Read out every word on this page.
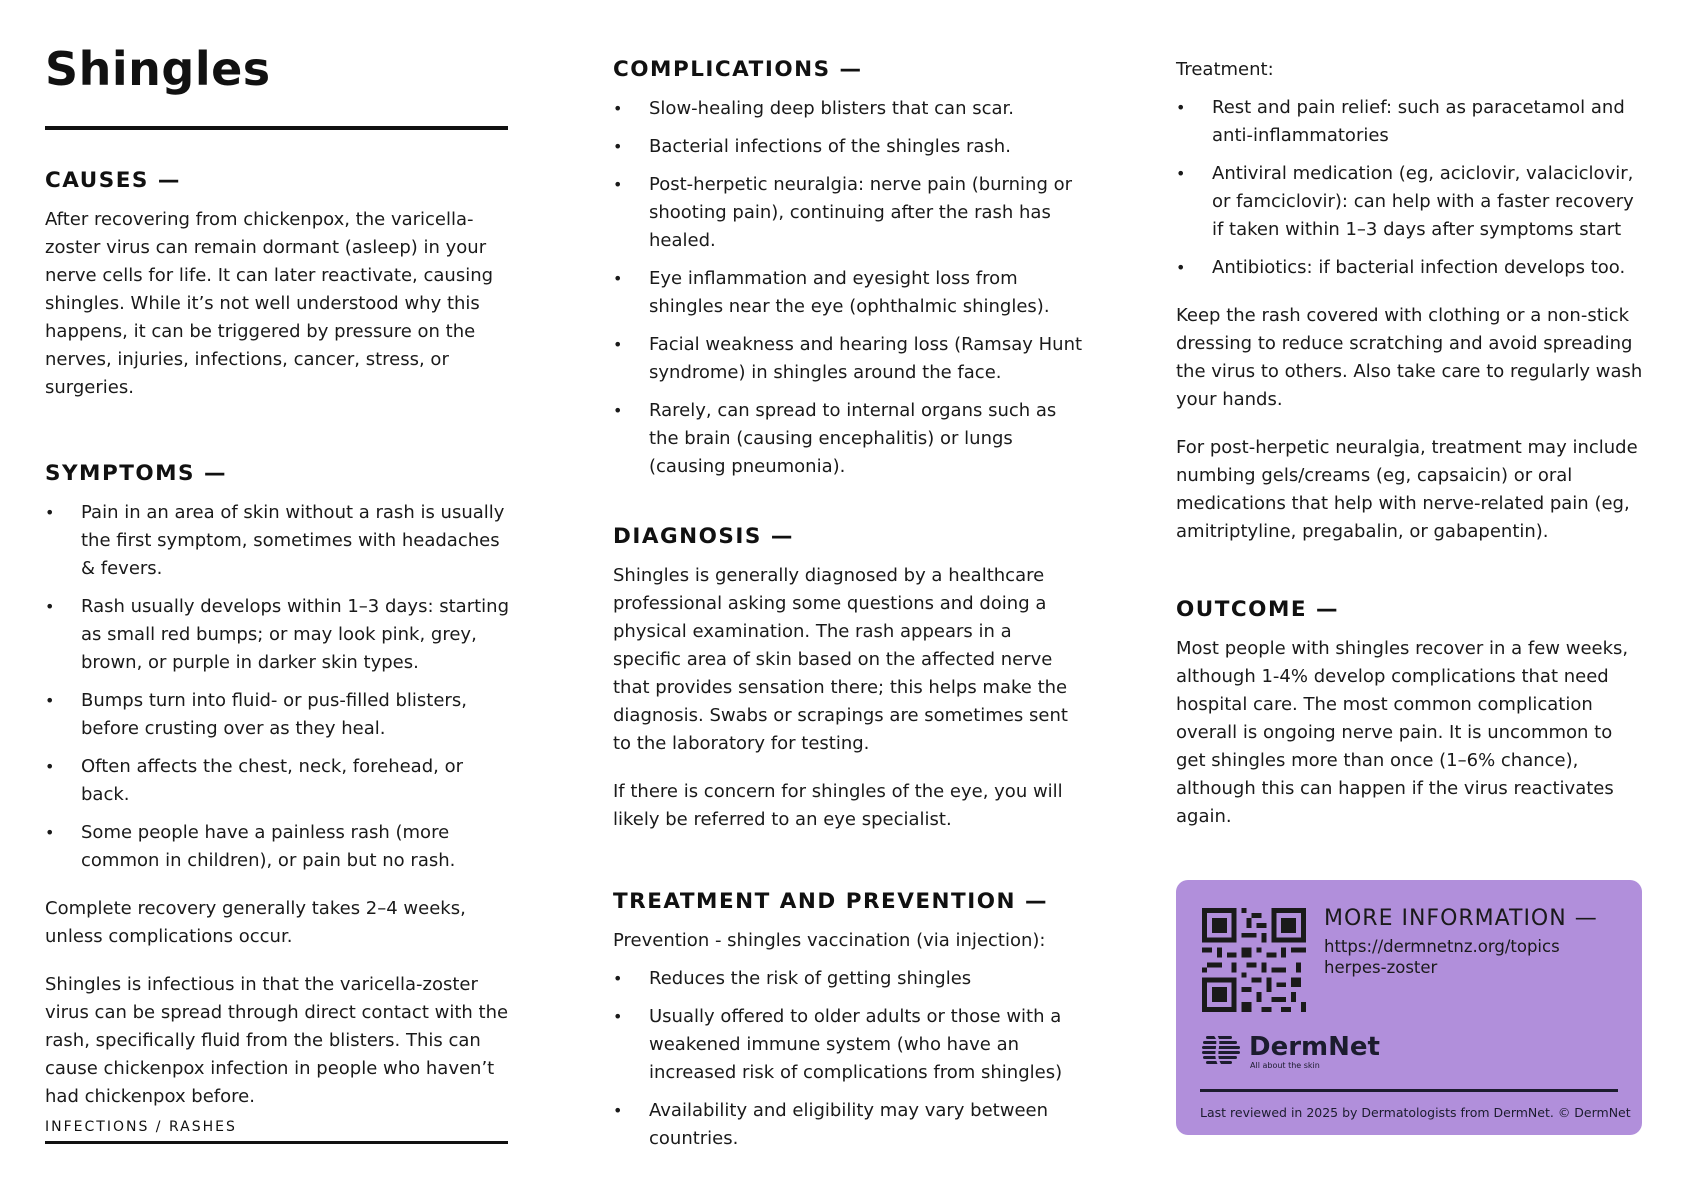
Shingles
CAUSES —

After recovering from chickenpox, the varicella-zoster virus can remain dormant (asleep) in your nerve cells for life. It can later reactivate, causing shingles. While it’s not well understood why this happens, it can be triggered by pressure on the nerves, injuries, infections, cancer, stress, or surgeries.

SYMPTOMS —
• Pain in an area of skin without a rash is usually the first symptom, sometimes with headaches & fevers.
• Rash usually develops within 1–3 days: starting as small red bumps; or may look pink, grey, brown, or purple in darker skin types.
• Bumps turn into fluid- or pus-filled blisters, before crusting over as they heal.
• Often affects the chest, neck, forehead, or back.
• Some people have a painless rash (more common in children), or pain but no rash.

Complete recovery generally takes 2–4 weeks, unless complications occur.

Shingles is infectious in that the varicella-zoster virus can be spread through direct contact with the rash, specifically fluid from the blisters. This can cause chickenpox infection in people who haven’t had chickenpox before.

INFECTIONS / RASHES
COMPLICATIONS —
• Slow-healing deep blisters that can scar.
• Bacterial infections of the shingles rash.
• Post-herpetic neuralgia: nerve pain (burning or shooting pain), continuing after the rash has healed.
• Eye inflammation and eyesight loss from shingles near the eye (ophthalmic shingles).
• Facial weakness and hearing loss (Ramsay Hunt syndrome) in shingles around the face.
• Rarely, can spread to internal organs such as the brain (causing encephalitis) or lungs (causing pneumonia).
DIAGNOSIS —

Shingles is generally diagnosed by a healthcare professional asking some questions and doing a physical examination. The rash appears in a specific area of skin based on the affected nerve that provides sensation there; this helps make the diagnosis. Swabs or scrapings are sometimes sent to the laboratory for testing.

If there is concern for shingles of the eye, you will likely be referred to an eye specialist.

TREATMENT AND PREVENTION —

Prevention - shingles vaccination (via injection):

• Reduces the risk of getting shingles
• Usually offered to older adults or those with a weakened immune system (who have an increased risk of complications from shingles)
• Availability and eligibility may vary between countries.

Treatment:

• Rest and pain relief: such as paracetamol and anti-inflammatories
• Antiviral medication (eg, aciclovir, valaciclovir, or famciclovir): can help with a faster recovery if taken within 1–3 days after symptoms start
• Antibiotics: if bacterial infection develops too.

Keep the rash covered with clothing or a non-stick dressing to reduce scratching and avoid spreading the virus to others. Also take care to regularly wash your hands.

For post-herpetic neuralgia, treatment may include numbing gels/creams (eg, capsaicin) or oral medications that help with nerve-related pain (eg, amitriptyline, pregabalin, or gabapentin).

OUTCOME —

Most people with shingles recover in a few weeks, although 1-4% develop complications that need hospital care. The most common complication overall is ongoing nerve pain. It is uncommon to get shingles more than once (1–6% chance), although this can happen if the virus reactivates again.

MORE INFORMATION —
https://dermnetnz.org/topics
herpes-zoster
DermNet
All about the skin
Last reviewed in 2025 by Dermatologists from DermNet. © DermNet
